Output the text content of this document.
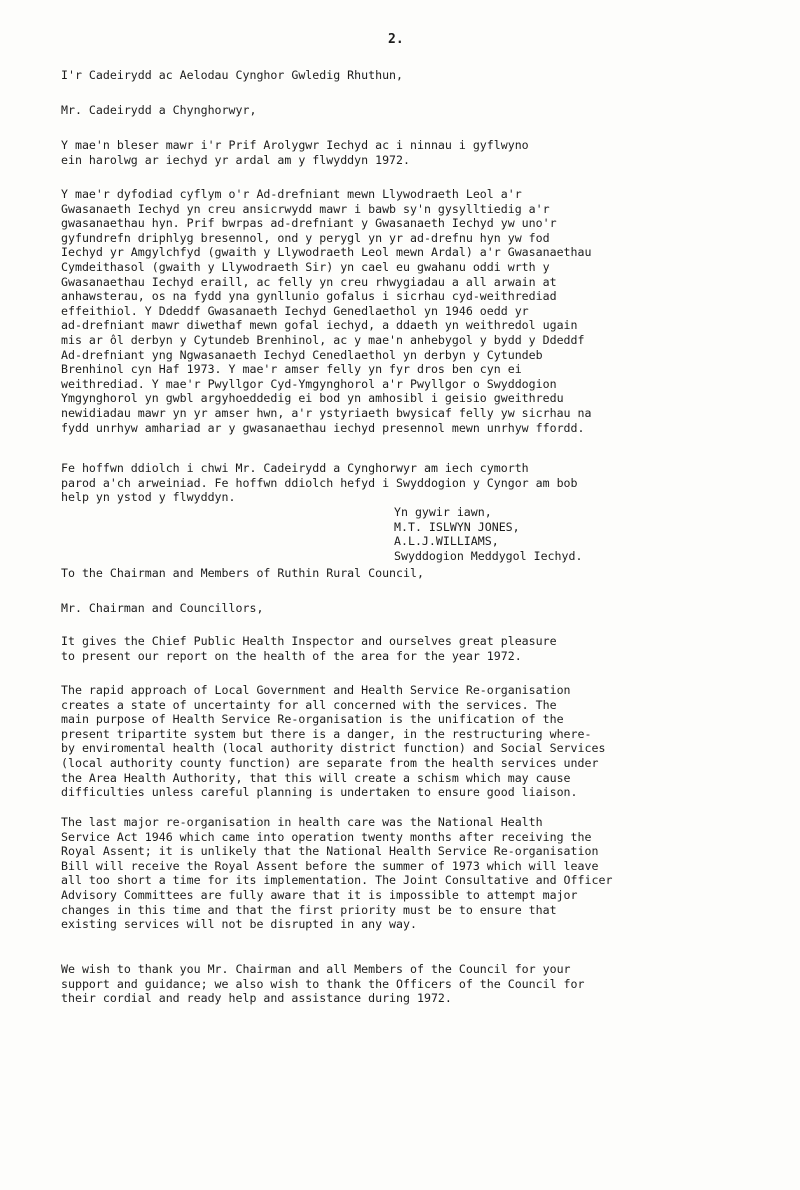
2.

I'r Cadeirydd ac Aelodau Cynghor Gwledig Rhuthun,

Mr. Cadeirydd a Chynghorwyr,

Y mae'n bleser mawr i'r Prif Arolygwr Iechyd ac i ninnau i gyflwyno
ein harolwg ar iechyd yr ardal am y flwyddyn 1972.

Y mae'r dyfodiad cyflym o'r Ad-drefniant mewn Llywodraeth Leol a'r
Gwasanaeth Iechyd yn creu ansicrwydd mawr i bawb sy'n gysylltiedig a'r
gwasanaethau hyn. Prif bwrpas ad-drefniant y Gwasanaeth Iechyd yw uno'r
gyfundrefn driphlyg bresennol, ond y perygl yn yr ad-drefnu hyn yw fod
Iechyd yr Amgylchfyd (gwaith y Llywodraeth Leol mewn Ardal) a'r Gwasanaethau
Cymdeithasol (gwaith y Llywodraeth Sir) yn cael eu gwahanu oddi wrth y
Gwasanaethau Iechyd eraill, ac felly yn creu rhwygiadau a all arwain at
anhawsterau, os na fydd yna gynllunio gofalus i sicrhau cyd-weithrediad
effeithiol. Y Ddeddf Gwasanaeth Iechyd Genedlaethol yn 1946 oedd yr
ad-drefniant mawr diwethaf mewn gofal iechyd, a ddaeth yn weithredol ugain
mis ar ôl derbyn y Cytundeb Brenhinol, ac y mae'n anhebygol y bydd y Ddeddf
Ad-drefniant yng Ngwasanaeth Iechyd Cenedlaethol yn derbyn y Cytundeb
Brenhinol cyn Haf 1973. Y mae'r amser felly yn fyr dros ben cyn ei
weithrediad. Y mae'r Pwyllgor Cyd-Ymgynghorol a'r Pwyllgor o Swyddogion
Ymgynghorol yn gwbl argyhoeddedig ei bod yn amhosibl i geisio gweithredu
newidiadau mawr yn yr amser hwn, a'r ystyriaeth bwysicaf felly yw sicrhau na
fydd unrhyw amhariad ar y gwasanaethau iechyd presennol mewn unrhyw ffordd.

Fe hoffwn ddiolch i chwi Mr. Cadeirydd a Cynghorwyr am iech cymorth
parod a'ch arweiniad. Fe hoffwn ddiolch hefyd i Swyddogion y Cyngor am bob
help yn ystod y flwyddyn.

Yn gywir iawn,
M.T. ISLWYN JONES,
A.L.J.WILLIAMS,
Swyddogion Meddygol Iechyd.

To the Chairman and Members of Ruthin Rural Council,

Mr. Chairman and Councillors,

It gives the Chief Public Health Inspector and ourselves great pleasure
to present our report on the health of the area for the year 1972.

The rapid approach of Local Government and Health Service Re-organisation
creates a state of uncertainty for all concerned with the services. The
main purpose of Health Service Re-organisation is the unification of the
present tripartite system but there is a danger, in the restructuring where-
by enviromental health (local authority district function) and Social Services
(local authority county function) are separate from the health services under
the Area Health Authority, that this will create a schism which may cause
difficulties unless careful planning is undertaken to ensure good liaison.

The last major re-organisation in health care was the National Health
Service Act 1946 which came into operation twenty months after receiving the
Royal Assent; it is unlikely that the National Health Service Re-organisation
Bill will receive the Royal Assent before the summer of 1973 which will leave
all too short a time for its implementation. The Joint Consultative and Officer
Advisory Committees are fully aware that it is impossible to attempt major
changes in this time and that the first priority must be to ensure that
existing services will not be disrupted in any way.

We wish to thank you Mr. Chairman and all Members of the Council for your
support and guidance; we also wish to thank the Officers of the Council for
their cordial and ready help and assistance during 1972.
